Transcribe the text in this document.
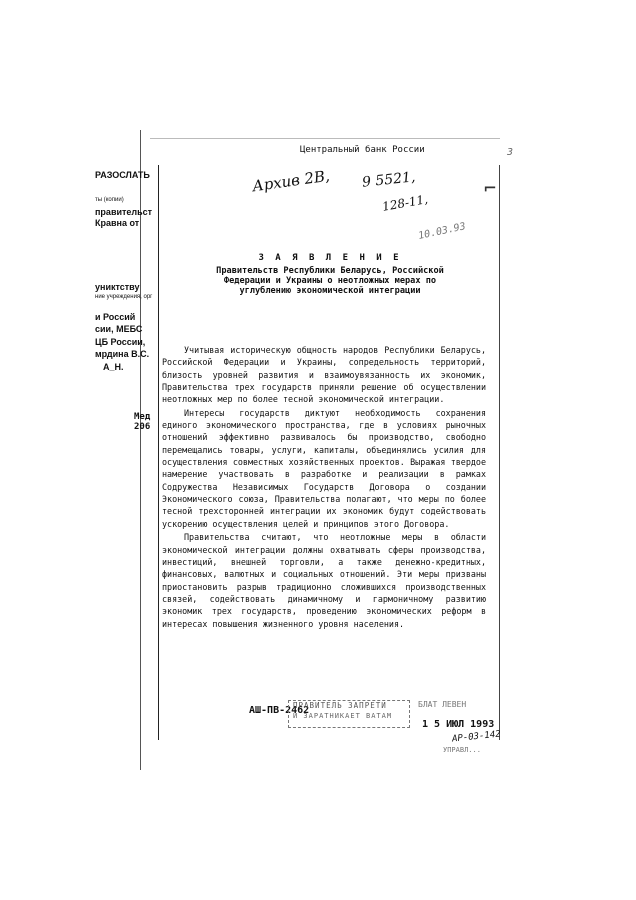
РАЗОСЛАТЬ
ты (копии)
правительст
Кравна от
униктству
ние учреждения, орг
и Россий
сии, МЕБС
ЦБ России,
мрдина В.С.
А_Н.
Мед
206
Центральный банк России	3
Архив 2В, 9 5521,
128-11,
10.03.93
⌐
З А Я В Л Е Н И Е
Правительств Республики Беларусь, Российской
Федерации и Украины о неотложных мерах по
углублению экономической интеграции

Учитывая историческую общность народов Республики Беларусь, Российской Федерации и Украины, сопредельность территорий, близость уровней развития и взаимоувязанность их экономик, Правительства трех государств приняли решение об осуществлении неотложных мер по более тесной экономической интеграции.

Интересы государств диктуют необходимость сохранения единого экономического пространства, где в условиях рыночных отношений эффективно развивалось бы производство, свободно перемещались товары, услуги, капиталы, объединялись усилия для осуществления совместных хозяйственных проектов. Выражая твердое намерение участвовать в разработке и реализации в рамках Содружества Независимых Государств Договора о создании Экономического союза, Правительства полагают, что меры по более тесной трехсторонней интеграции их экономик будут содействовать ускорению осуществления целей и принципов этого Договора.

Правительства считают, что неотложные меры в области экономической интеграции должны охватывать сферы производства, инвестиций, внешней торговли, а также денежно-кредитных, финансовых, валютных и социальных отношений. Эти меры призваны приостановить разрыв традиционно сложившихся производственных связей, содействовать динамичному и гармоничному развитию экономик трех государств, проведению экономических реформ в интересах повышения жизненного уровня населения.

АШ-ПВ-2462
ПРАВИТЕЛЬ ЗАПРЕТИ
И ЗАРАТНИКАЕТ ВАТАМ
БЛАТ ЛЕВЕН
1 5 ИЮЛ 1993
АР-03-142
УПРАВЛ...
